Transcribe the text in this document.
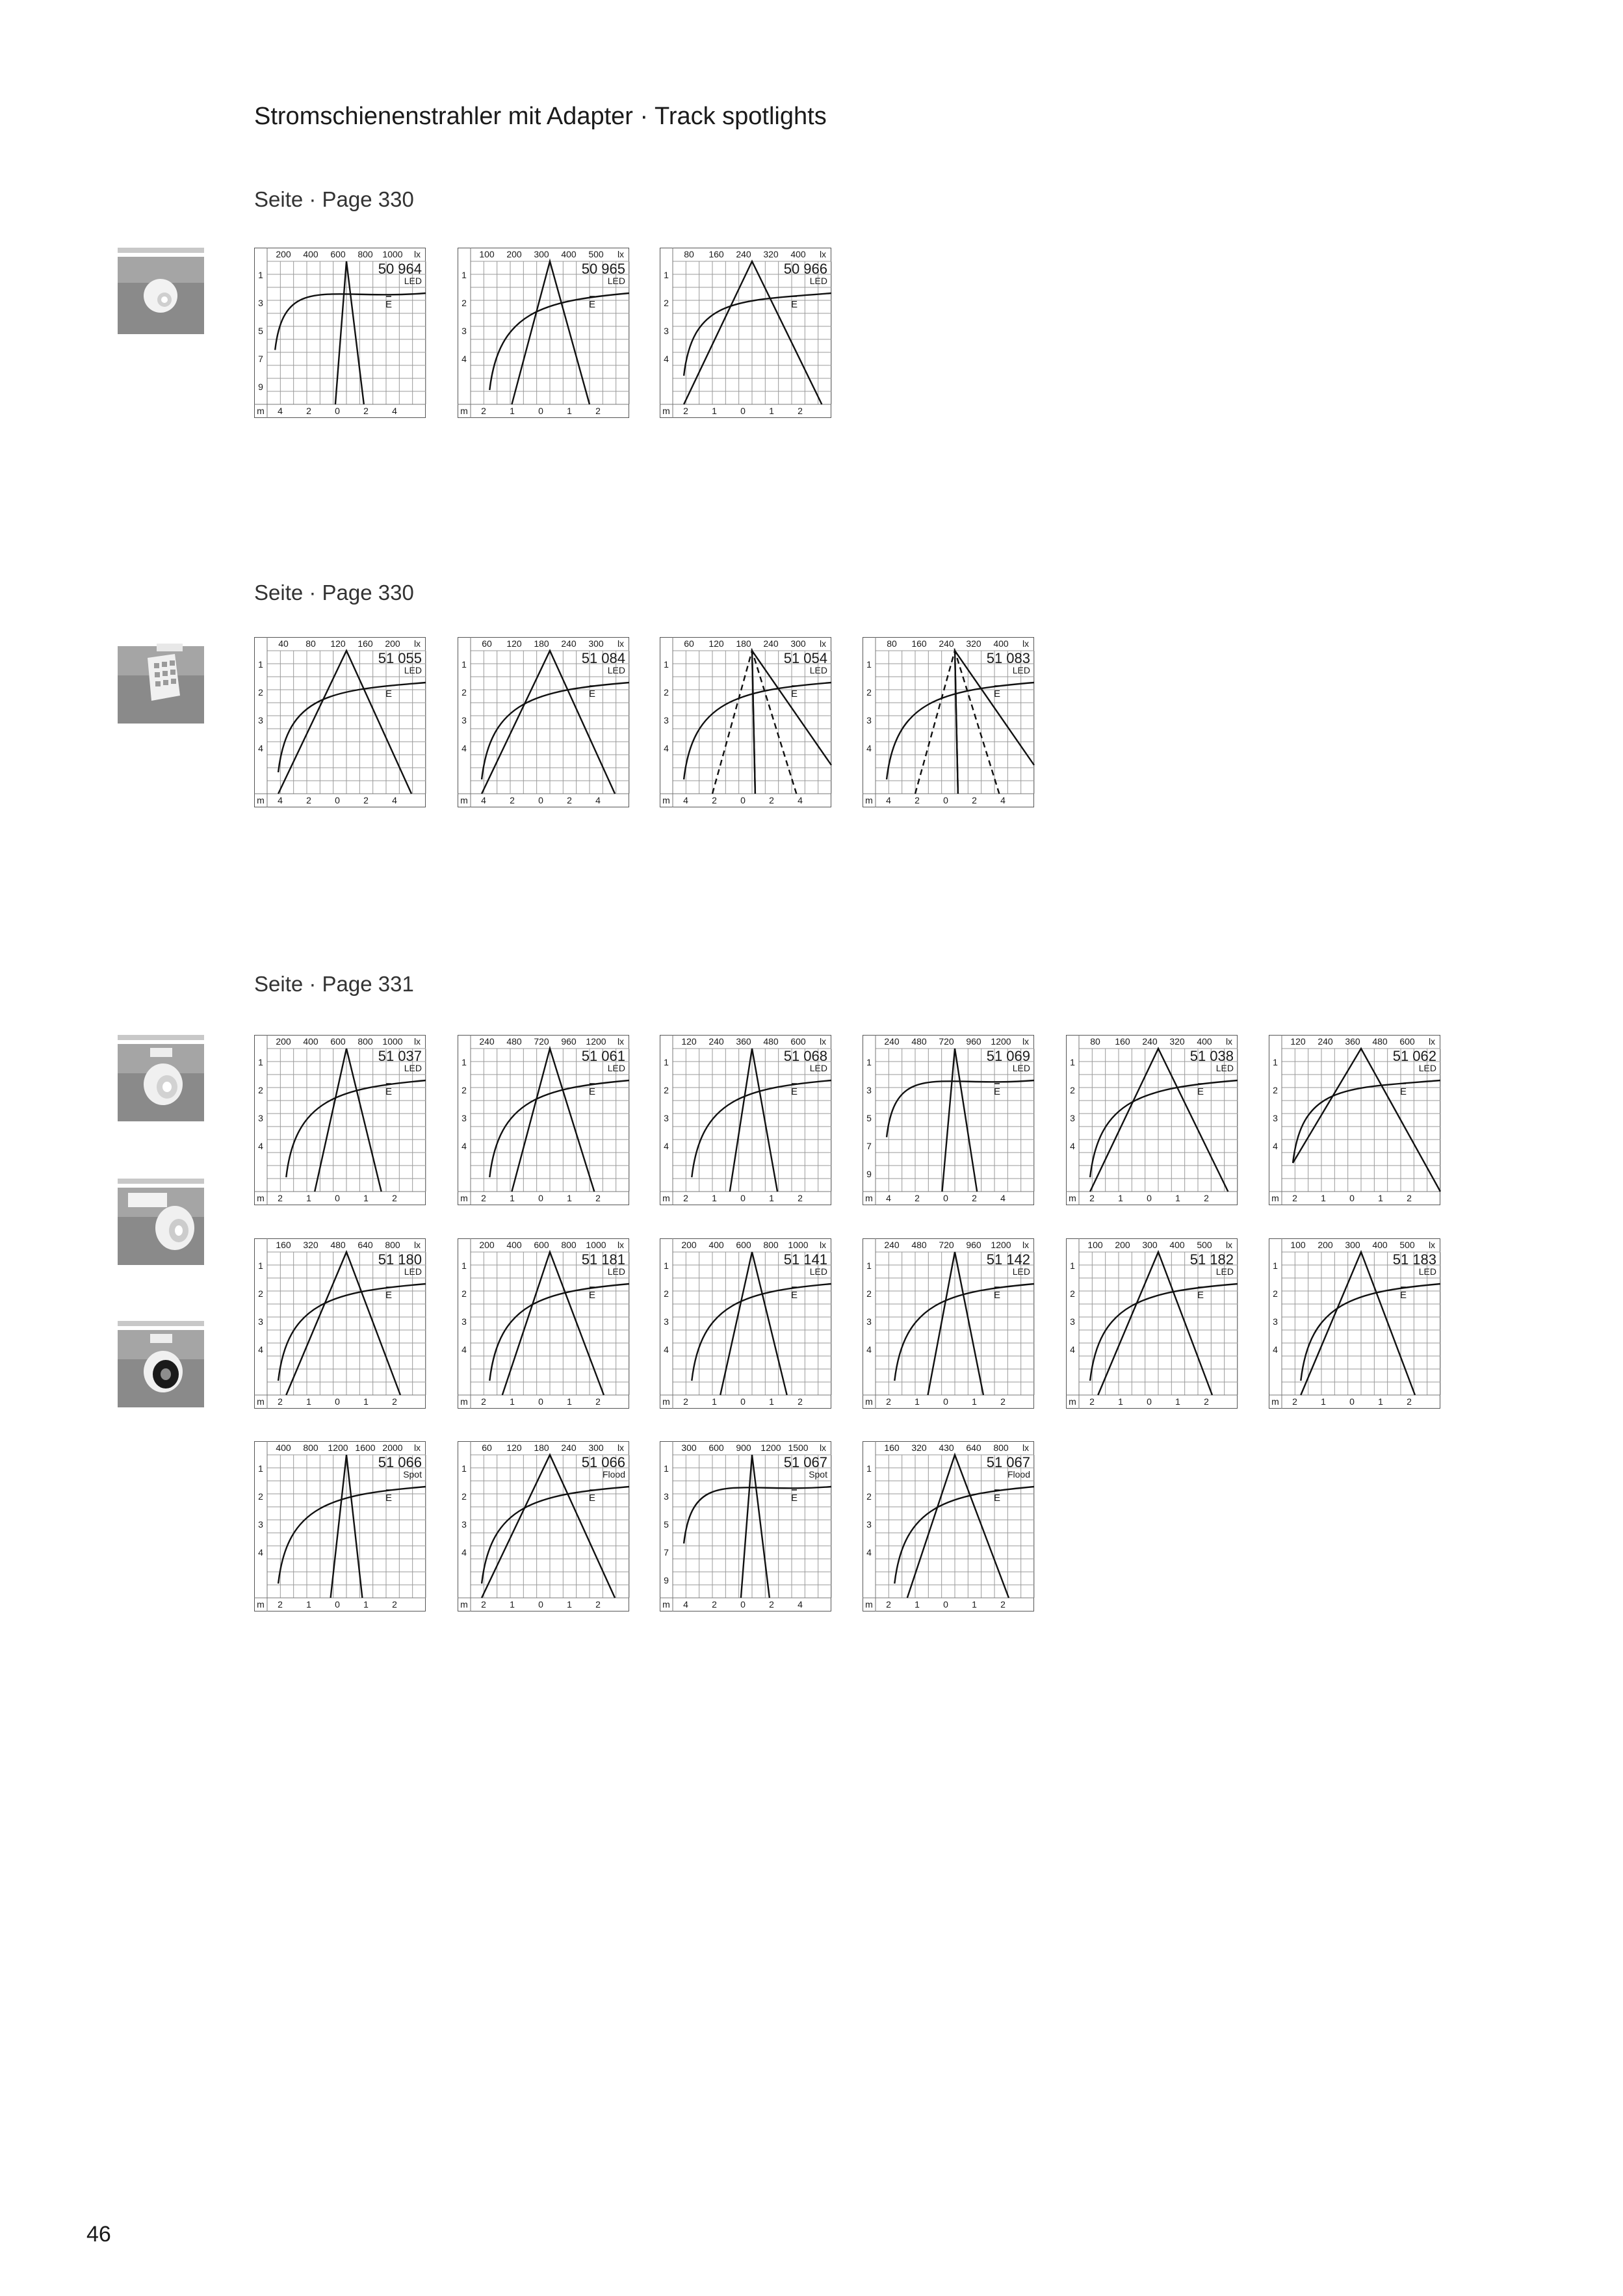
Stromschienenstrahler mit Adapter · Track spotlights
Seite · Page 330
Seite · Page 330
Seite · Page 331
200 400 600 800 1000 lx
1
3
5
7
9
m 4	2	0	2	4
50 964
LED
E
100 200 300 400 500 lx
1
2
3
4
m 2	1	0	1	2
50 965
LED
E
80 160 240 320 400 lx
1
2
3
4
m 2	1	0	1	2
50 966
LED
E
40 80 120 160 200 lx
1
2
3
4
m 4	2	0	2	4
51 055
LED
E
60 120 180 240 300 lx
1
2
3
4
m 4	2	0	2	4
51 084
LED
E
60 120 180 240 300 lx
1
2
3
4
m 4	2	0	2	4
51 054
LED
E
80 160 240 320 400 lx
1
2
3
4
m 4	2	0	2	4
51 083
LED
E
200 400 600 800 1000 lx
1
2
3
4
m 2	1	0	1	2
51 037
LED
E
240 480 720 960 1200 lx
1
2
3
4
m 2	1	0	1	2
51 061
LED
E
120 240 360 480 600 lx
1
2
3
4
m 2	1	0	1	2
51 068
LED
E
240 480 720 960 1200 lx
1
3
5
7
9
m 4	2	0	2	4
51 069
LED
E
80 160 240 320 400 lx
1
2
3
4
m 2	1	0	1	2
51 038
LED
E
120 240 360 480 600 lx
1
2
3
4
m 2	1	0	1	2
51 062
LED
E
160 320 480 640 800 lx
1
2
3
4
m 2	1	0	1	2
51 180
LED
E
200 400 600 800 1000 lx
1
2
3
4
m 2	1	0	1	2
51 181
LED
E
200 400 600 800 1000 lx
1
2
3
4
m 2	1	0	1	2
51 141
LED
E
240 480 720 960 1200 lx
1
2
3
4
m 2	1	0	1	2
51 142
LED
E
100 200 300 400 500 lx
1
2
3
4
m 2	1	0	1	2
51 182
LED
E
100 200 300 400 500 lx
1
2
3
4
m 2	1	0	1	2
51 183
LED
E
400 800 1200 1600 2000 lx
1
2
3
4
m 2	1	0	1	2
51 066
Spot
E
60 120 180 240 300 lx
1
2
3
4
m 2	1	0	1	2
51 066
Flood
E
300 600 900 1200 1500 lx
1
3
5
7
9
m 4	2	0	2	4
51 067
Spot
E
160 320 430 640 800 lx
1
2
3
4
m 2	1	0	1	2
51 067
Flood
E
46
